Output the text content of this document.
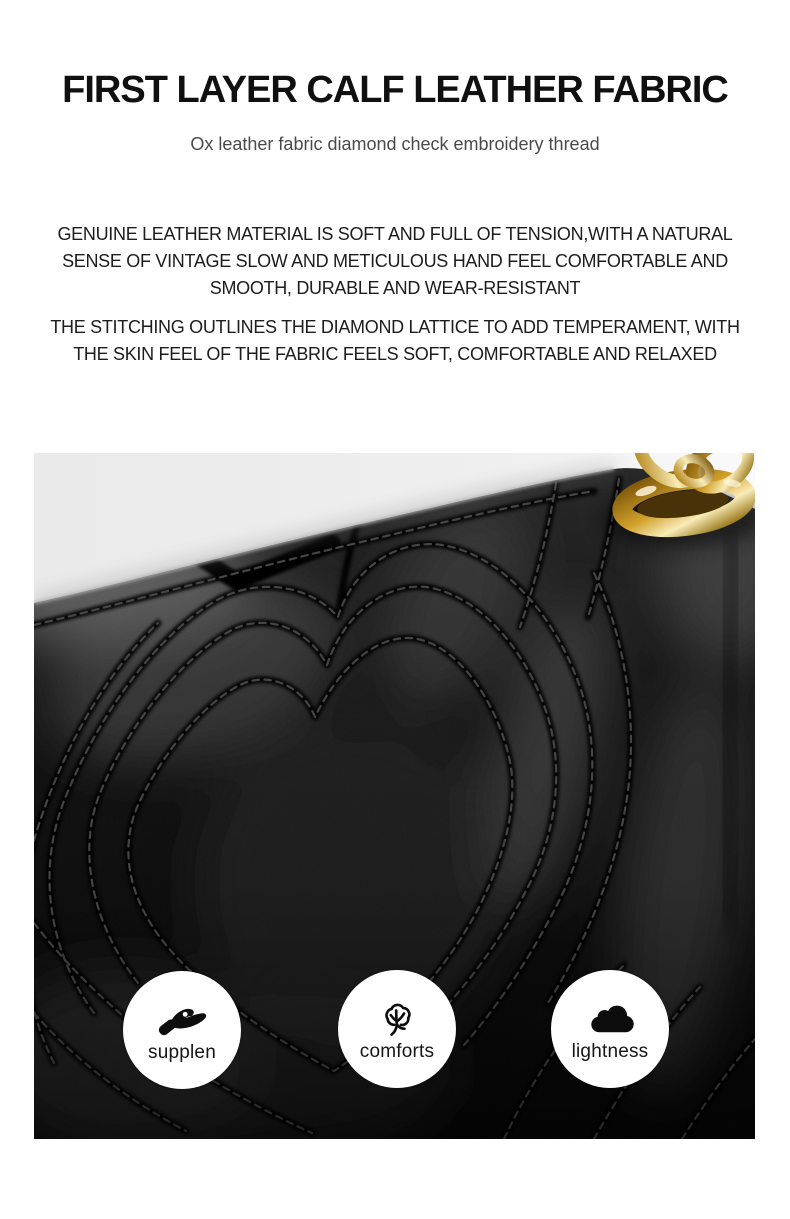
FIRST LAYER CALF LEATHER FABRIC

Ox leather fabric diamond check embroidery thread

GENUINE LEATHER MATERIAL IS SOFT AND FULL OF TENSION,WITH A NATURAL
SENSE OF VINTAGE SLOW AND METICULOUS HAND FEEL COMFORTABLE AND
SMOOTH, DURABLE AND WEAR-RESISTANT
THE STITCHING OUTLINES THE DIAMOND LATTICE TO ADD TEMPERAMENT, WITH
THE SKIN FEEL OF THE FABRIC FEELS SOFT, COMFORTABLE AND RELAXED
supplen	comforts	lightness
